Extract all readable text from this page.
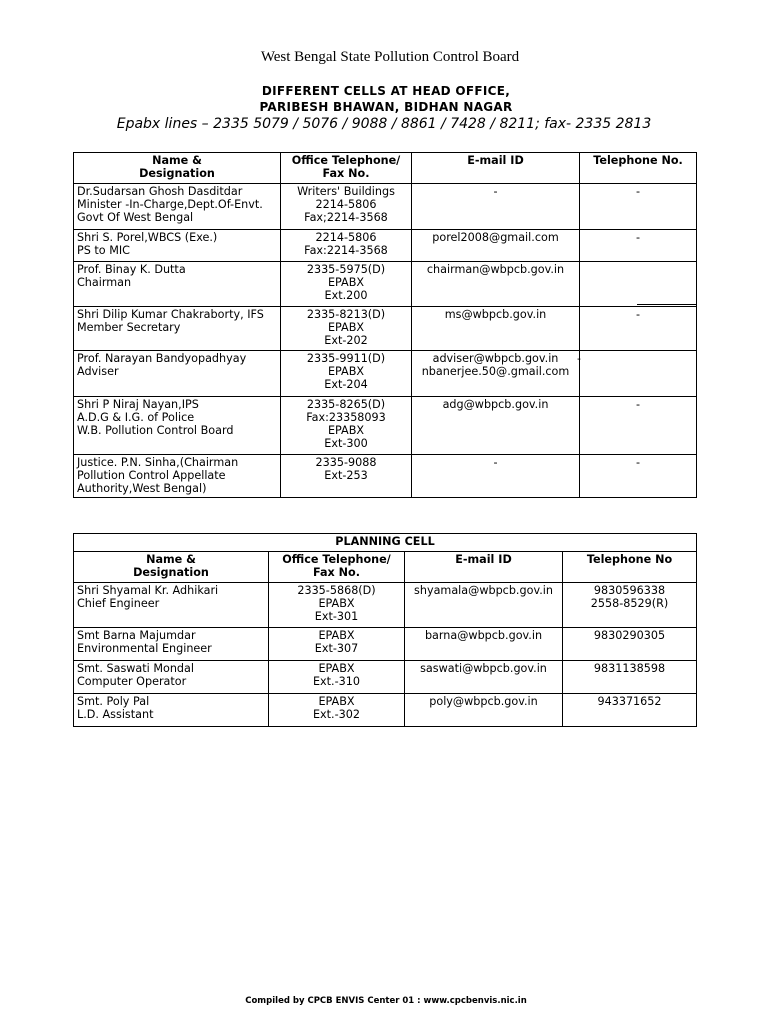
West Bengal State Pollution Control Board
DIFFERENT CELLS AT HEAD OFFICE,
PARIBESH BHAWAN, BIDHAN NAGAR
Epabx lines – 2335 5079 / 5076 / 9088 / 8861 / 7428 / 8211; fax- 2335 2813
Name &
Designation	Office Telephone/
Fax No.	E-mail ID	Telephone No.

Dr.Sudarsan Ghosh Dasditdar
Minister -In-Charge,Dept.Of-Envt.
Govt Of West Bengal	Writers' Buildings
2214-5806
Fax;2214-3568	-	-

Shri S. Porel,WBCS (Exe.)
PS to MIC	2214-5806
Fax:2214-3568	porel2008@gmail.com	-

Prof. Binay K. Dutta
Chairman	2335-5975(D)
EPABX
Ext.200	chairman@wbpcb.gov.in	

Shri Dilip Kumar Chakraborty, IFS
Member Secretary	2335-8213(D)
EPABX
Ext-202	ms@wbpcb.gov.in	-

Prof. Narayan Bandyopadhyay
Adviser	2335-9911(D)
EPABX
Ext-204	adviser@wbpcb.gov.in
nbanerjee.50@.gmail.com	

Shri P Niraj Nayan,IPS
A.D.G & I.G. of Police
W.B. Pollution Control Board	2335-8265(D)
Fax:23358093
EPABX
Ext-300	adg@wbpcb.gov.in	-

Justice. P.N. Sinha,(Chairman
Pollution Control Appellate
Authority,West Bengal)	2335-9088
Ext-253	-	-
PLANNING CELL			

Name &
Designation	Office Telephone/
Fax No.	E-mail ID	Telephone No

Shri Shyamal Kr. Adhikari
Chief Engineer	2335-5868(D)
EPABX
Ext-301	shyamala@wbpcb.gov.in	9830596338
2558-8529(R)

Smt Barna Majumdar
Environmental Engineer	EPABX
Ext-307	barna@wbpcb.gov.in	9830290305

Smt. Saswati Mondal
Computer Operator	EPABX
Ext.-310	saswati@wbpcb.gov.in	9831138598

Smt. Poly Pal
L.D. Assistant	EPABX
Ext.-302	poly@wbpcb.gov.in	943371652
-
Compiled by CPCB ENVIS Center 01 : www.cpcbenvis.nic.in
